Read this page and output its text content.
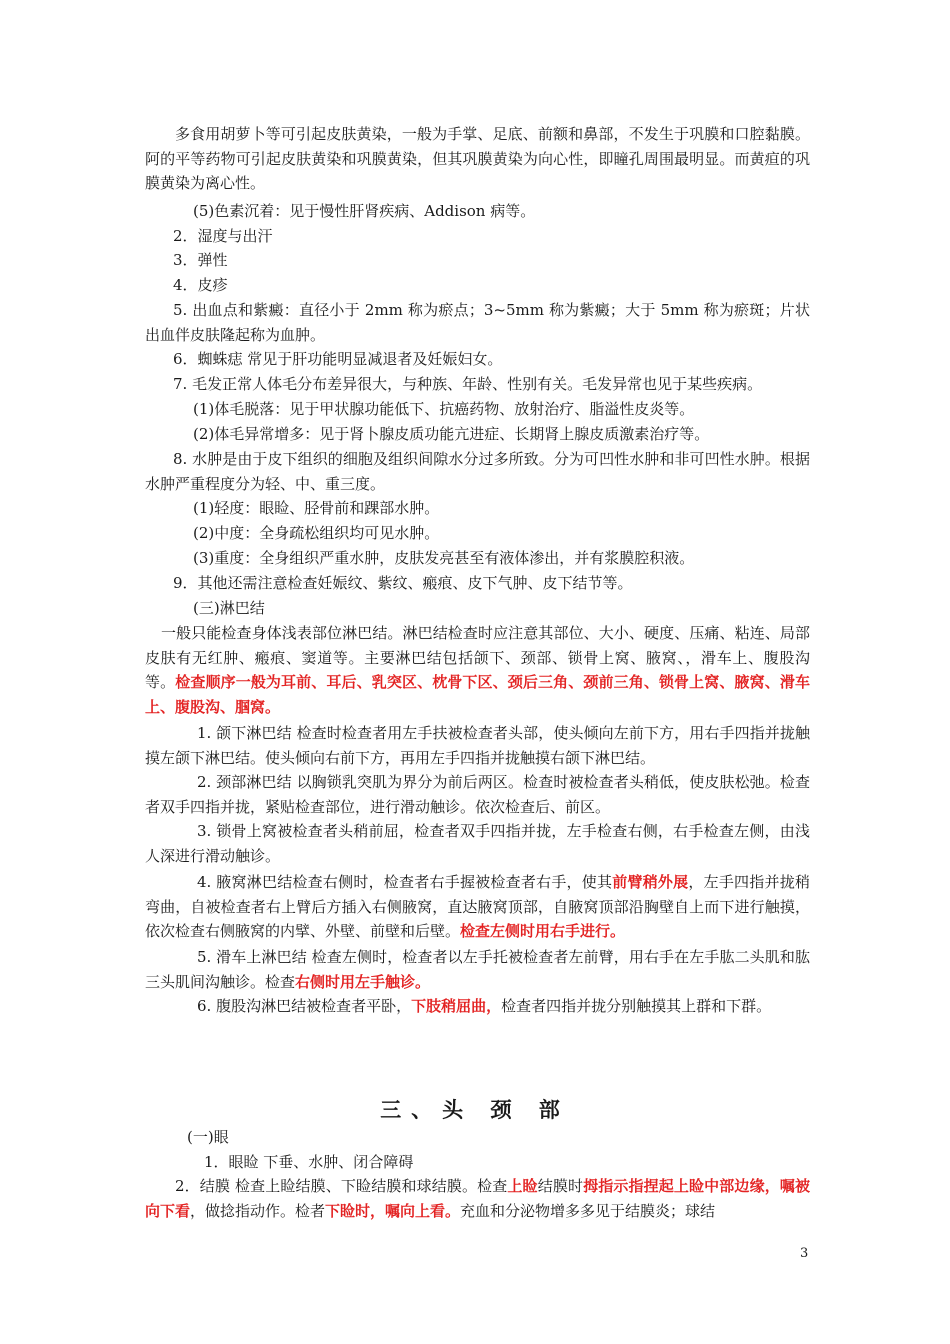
多食用胡萝卜等可引起皮肤黄染，一般为手掌、足底、前额和鼻部，不发生于巩膜和口腔黏膜。阿的平等药物可引起皮肤黄染和巩膜黄染，但其巩膜黄染为向心性，即瞳孔周围最明显。而黄疸的巩膜黄染为离心性。

(5)色素沉着：见于慢性肝肾疾病、Addison 病等。

2．湿度与出汗

3．弹性

4．皮疹

5. 出血点和紫癜：直径小于 2mm 称为瘀点；3~5mm 称为紫癜；大于 5mm 称为瘀斑；片状出血伴皮肤隆起称为血肿。

6．蜘蛛痣 常见于肝功能明显减退者及妊娠妇女。

7. 毛发正常人体毛分布差异很大，与种族、年龄、性别有关。毛发异常也见于某些疾病。

(1)体毛脱落：见于甲状腺功能低下、抗癌药物、放射治疗、脂溢性皮炎等。

(2)体毛异常增多：见于肾卜腺皮质功能亢进症、长期肾上腺皮质激素治疗等。

8. 水肿是由于皮下组织的细胞及组织间隙水分过多所致。分为可凹性水肿和非可凹性水肿。根据水肿严重程度分为轻、中、重三度。

(1)轻度：眼睑、胫骨前和踝部水肿。

(2)中度：全身疏松组织均可见水肿。

(3)重度：全身组织严重水肿，皮肤发亮甚至有液体渗出，并有浆膜腔积液。

9．其他还需注意检查妊娠纹、紫纹、瘢痕、皮下气肿、皮下结节等。

(三)淋巴结

一般只能检查身体浅表部位淋巴结。淋巴结检查时应注意其部位、大小、硬度、压痛、粘连、局部皮肤有无红肿、瘢痕、窦道等。主要淋巴结包括颌下、颈部、锁骨上窝、腋窝、，滑车上、腹股沟等。检查顺序一般为耳前、耳后、乳突区、枕骨下区、颈后三角、颈前三角、锁骨上窝、腋窝、滑车上、腹股沟、腘窝。

1. 颌下淋巴结 检查时检查者用左手扶被检查者头部，使头倾向左前下方，用右手四指并拢触摸左颌下淋巴结。使头倾向右前下方，再用左手四指并拢触摸右颌下淋巴结。

2. 颈部淋巴结 以胸锁乳突肌为界分为前后两区。检查时被检查者头稍低，使皮肤松弛。检查者双手四指并拢，紧贴检查部位，进行滑动触诊。依次检查后、前区。

3. 锁骨上窝被检查者头稍前屈，检查者双手四指并拢，左手检查右侧，右手检查左侧，由浅人深进行滑动触诊。

4. 腋窝淋巴结检查右侧时，检查者右手握被检查者右手，使其前臂稍外展，左手四指并拢稍弯曲，自被检查者右上臂后方插入右侧腋窝，直达腋窝顶部，自腋窝顶部沿胸壁自上而下进行触摸，依次检查右侧腋窝的内擘、外壁、前壁和后壁。检查左侧时用右手进行。

5. 滑车上淋巴结 检查左侧时，检查者以左手托被检查者左前臂，用右手在左手肱二头肌和肱三头肌间沟触诊。检查右侧时用左手触诊。

6. 腹股沟淋巴结被检查者平卧，下肢稍屈曲，检查者四指并拢分别触摸其上群和下群。

三、头 颈 部

(一)眼

1．眼睑 下垂、水肿、闭合障碍

2．结膜 检查上睑结膜、下睑结膜和球结膜。检查上睑结膜时拇指示指捏起上睑中部边缘，嘱被向下看，做捻指动作。检者下睑时，嘱向上看。充血和分泌物增多多见于结膜炎；球结

3
